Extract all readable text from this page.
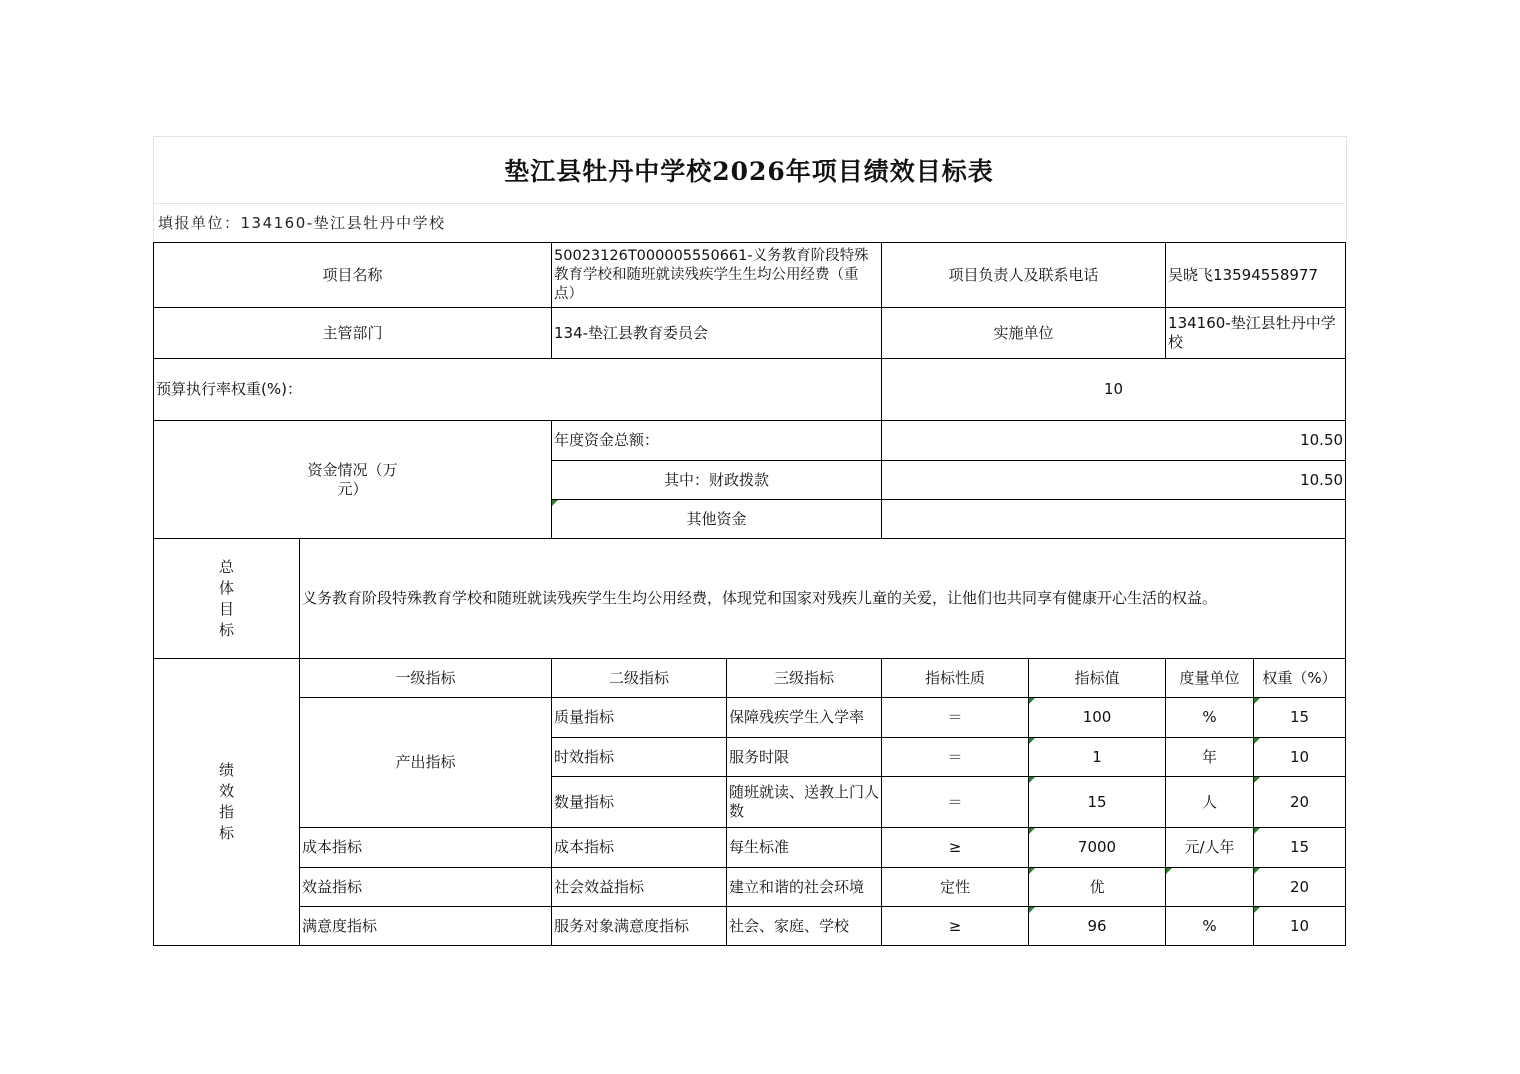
垫江县牡丹中学校2026年项目绩效目标表
填报单位：134160-垫江县牡丹中学校
项目名称		50023126T000005550661-义务教育阶段特殊教育学校和随班就读残疾学生生均公用经费（重点）		项目负责人及联系电话		吴晓飞13594558977	
主管部门		134-垫江县教育委员会		实施单位		134160-垫江县牡丹中学校	
预算执行率权重(%)：				10			

资金情况（万元）		年度资金总额：		10.50			
		其中：财政拨款		10.50			
		其他资金					

总体目标	义务教育阶段特殊教育学校和随班就读残疾学生生均公用经费，体现党和国家对残疾儿童的关爱，让他们也共同享有健康开心生活的权益。						

绩效指标	一级指标	二级指标	三级指标	指标性质	指标值	度量单位	权重（%）
	产出指标	质量指标	保障残疾学生入学率	＝	100	%	15
		时效指标	服务时限	＝	1	年	10
		数量指标	随班就读、送教上门人数	＝	15	人	20
	成本指标	成本指标	每生标准	≥	7000	元/人年	15
	效益指标	社会效益指标	建立和谐的社会环境	定性	优		20
	满意度指标	服务对象满意度指标	社会、家庭、学校	≥	96	%	10
